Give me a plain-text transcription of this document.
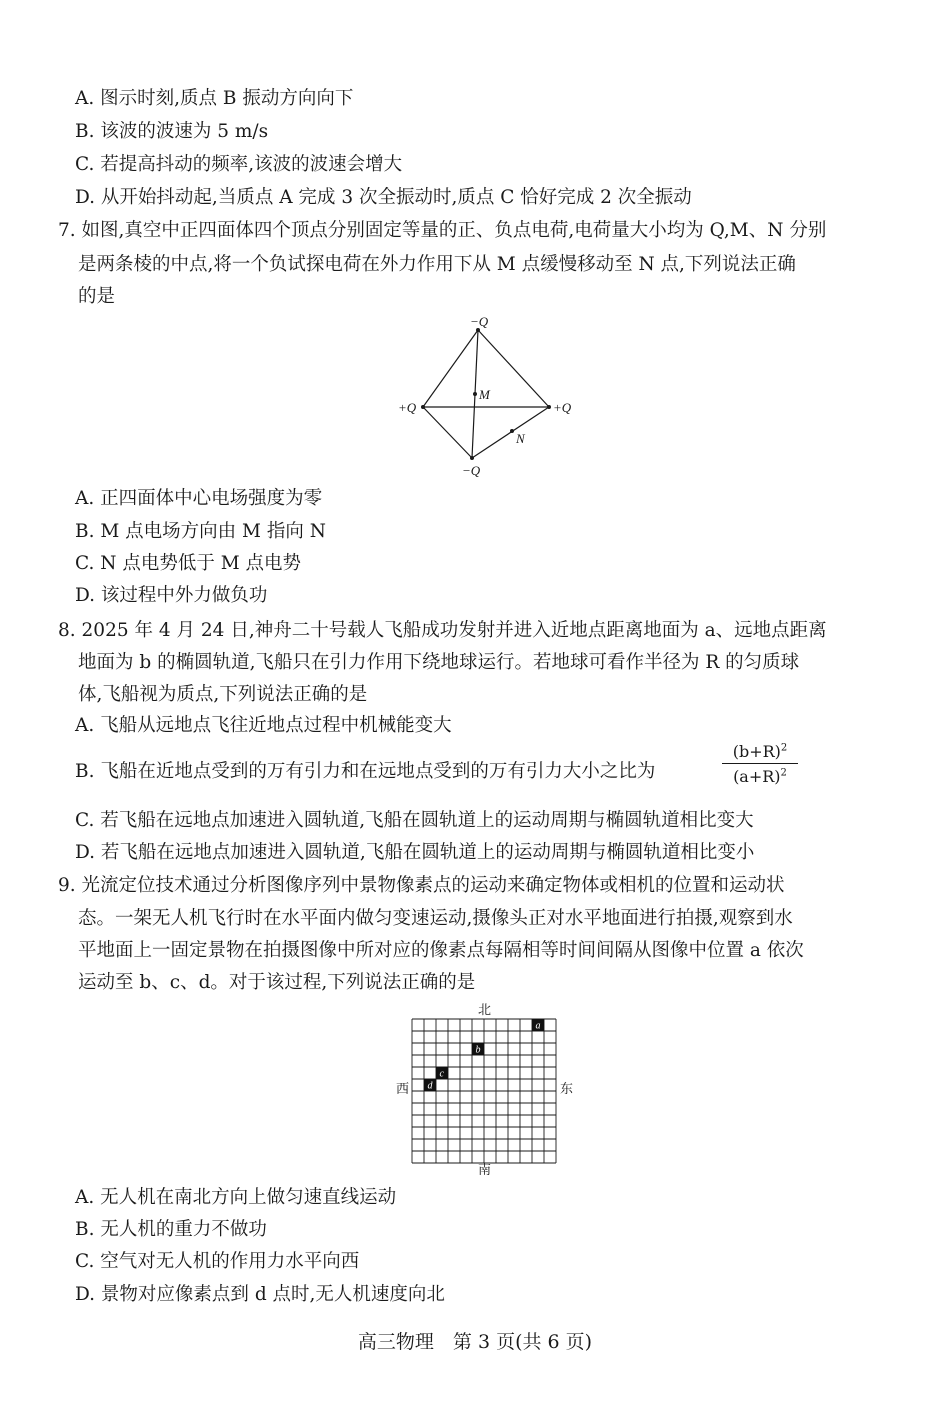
A. 图示时刻,质点 B 振动方向向下
B. 该波的波速为 5 m/s
C. 若提高抖动的频率,该波的波速会增大
D. 从开始抖动起,当质点 A 完成 3 次全振动时,质点 C 恰好完成 2 次全振动
7. 如图,真空中正四面体四个顶点分别固定等量的正、负点电荷,电荷量大小均为 Q,M、N 分别
是两条棱的中点,将一个负试探电荷在外力作用下从 M 点缓慢移动至 N 点,下列说法正确
的是
−Q
+Q	+Q
−Q
M
N
A. 正四面体中心电场强度为零
B. M 点电场方向由 M 指向 N
C. N 点电势低于 M 点电势
D. 该过程中外力做负功
8. 2025 年 4 月 24 日,神舟二十号载人飞船成功发射并进入近地点距离地面为 a、远地点距离
地面为 b 的椭圆轨道,飞船只在引力作用下绕地球运行。若地球可看作半径为 R 的匀质球
体,飞船视为质点,下列说法正确的是
A. 飞船从远地点飞往近地点过程中机械能变大
B. 飞船在近地点受到的万有引力和在远地点受到的万有引力大小之比为	$\frac{(b+R)^2}{(a+R)^2}$
C. 若飞船在远地点加速进入圆轨道,飞船在圆轨道上的运动周期与椭圆轨道相比变大
D. 若飞船在远地点加速进入圆轨道,飞船在圆轨道上的运动周期与椭圆轨道相比变小
9. 光流定位技术通过分析图像序列中景物像素点的运动来确定物体或相机的位置和运动状
态。一架无人机飞行时在水平面内做匀变速运动,摄像头正对水平地面进行拍摄,观察到水
平地面上一固定景物在拍摄图像中所对应的像素点每隔相等时间间隔从图像中位置 a 依次
运动至 b、c、d。对于该过程,下列说法正确的是
a
b
c
d
北
南
西	东
A. 无人机在南北方向上做匀速直线运动
B. 无人机的重力不做功
C. 空气对无人机的作用力水平向西
D. 景物对应像素点到 d 点时,无人机速度向北
高三物理　第 3 页(共 6 页)
